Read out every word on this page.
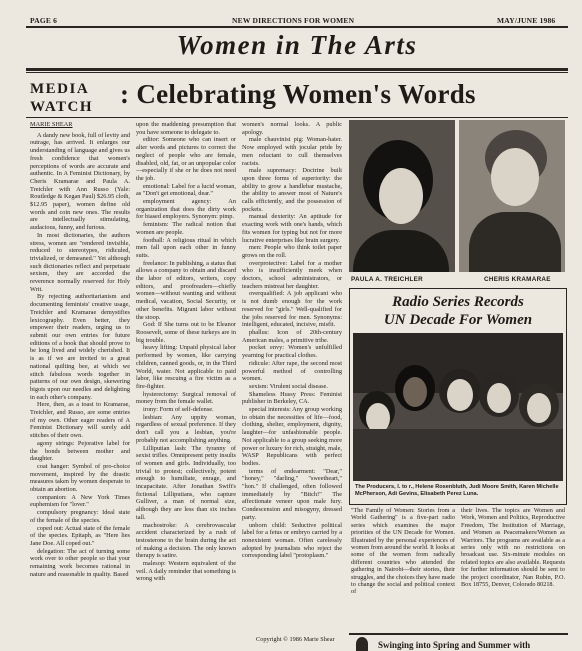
PAGE 6	NEW DIRECTIONS FOR WOMEN	MAY/JUNE 1986
Women in The Arts
MEDIA
WATCH : Celebrating Women's Words

MARIE SHEAR

A dandy new book, full of levity and outrage, has arrived. It enlarges our understanding of language and gives us fresh confidence that women's perceptions of words are accurate and authentic. In A Feminist Dictionary, by Cheris Kramarae and Paula A. Treichler with Ann Russo (Yale: Routledge & Kegan Paul) $26.95 cloth, $12.95 paper), women define old words and coin new ones. The results are intellectually stimulating, audacious, funny, and furious.

In most dictionaries, the authors stress, women are "rendered invisible, reduced to stereotypes, ridiculed, trivialized, or demeaned." Yet although such dictionaries reflect and perpetuate sexism, they are accorded the reverence normally reserved for Holy Writ.

By rejecting authoritarianism and documenting feminists' creative usage, Treichler and Kramarae demystifies lexicography. Even better, they empower their readers, urging us to submit our own entries for future editions of a book that should prove to be long lived and widely cherished. It is as if we are invited to a great national quilting bee, at which we stitch fabulous words together in patterns of our own design, skewering bigots upon our needles and delighting in each other's company.

Here, then, as a toast to Kramarae, Treichler, and Russo, are some entries of my own. Other eager readers of A Feminist Dictionary will surely add stitches of their own.

agony strings: Pejorative label for the bonds between mother and daughter.

coat hanger: Symbol of pro-choice movement, inspired by the drastic measures taken by women desperate to obtain an abortion.

companion: A New York Times euphemism for "lover."

compulsory pregnancy: Ideal state of the female of the species.

coped out: Actual state of the female of the species. Epitaph, as "Here lies Jane Doe. All coped out."

delegation: The act of turning some work over to other people so that your remaining work becomes rational in nature and reasonable in quality. Based

upon the maddening presumption that you have someone to delegate to.

editor: Someone who can insert or alter words and pictures to correct the neglect of people who are female, disabled, old, fat, or an unpopular color—especially if she or he does not need the job.

emotional: Label for a lucid woman, as "Don't get emotional, dear."

employment agency: An organization that does the dirty work for biased employers. Synonym: pimp.

feminism: The radical notion that women are people.

football: A religious ritual in which men fall upon each other in funny suits.

freelance: In publishing, a status that allows a company to obtain and discard the labor of editors, writers, copy editors, and proofreaders—chiefly women—without wanting and without medical, vacation, Social Security, or other benefits. Migrant labor without the stoop.

God: If She turns out to be Eleanor Roosevelt, some of these turkeys are in big trouble.

heavy lifting: Unpaid physical labor performed by women, like carrying children, canned goods, or, in the Third World, water. Not applicable to paid labor, like rescuing a fire victim as a fire-fighter.

hysterectomy: Surgical removal of money from the female wallet.

irony: Form of self-defense.

lesbian: Any uppity woman, regardless of sexual preference. If they don't call you a lesbian, you're probably not accomplishing anything.

Lilliputian lash: The tyranny of sexist trifles. Omnipresent petty insults of women and girls. Individually, too trivial to protest; collectively, potent enough to humiliate, enrage, and incapacitate. After Jonathan Swift's fictional Lilliputians, who capture Gulliver, a man of normal size, although they are less than six inches tall.

machostroke: A cerebrovascular accident characterized by a rush of testosterone to the brain during the act of making a decision. The only known therapy is satire.

malesop: Western equivalent of the veil. A daily reminder that something is wrong with

women's normal looks. A public apology.

male chauvinist pig: Woman-hater. Now employed with jocular pride by men reluctant to cull themselves racists.

male supremacy: Doctrine built upon three forms of superiority: the ability to grow a handlebar mustache, the ability to answer most of Nature's calls efficiently, and the possession of pockets.

manual dexterity: An aptitude for exacting work with one's hands, which fits women for typing but not for more lucrative enterprises like brain surgery.

men: People who think toilet paper grows on the roll.

overprotective: Label for a mother who is insufficiently meek when doctors, school administrators, or teachers mistreat her daughter.

overqualified: A job applicant who is not dumb enough for the work reserved for "girls." Well-qualified for the jobs reserved for men. Synonyms: intelligent, educated, incisive, misfit.

phallus: Icon of 20th-century American males, a primitive tribe.

pocket envy: Women's unfulfilled yearning for practical clothes.

ridicule: After rape, the second most powerful method of controlling women.

sexism: Virulent social disease.

Shameless Hussy Press: Feminist publisher in Berkeley, CA.

special interests: Any group working to obtain the necessities of life—food, clothing, shelter, employment, dignity, laughter—for unfashionable people. Not applicable to a group seeking more power or luxury for rich, straight, male, WASP Republicans with perfect bodies.

terms of endearment: "Dear," "honey," "darling," "sweetheart," "hon." If challenged, often followed immediately by "Bitch!" The affectionate veneer upon male fury. Condescension and misogyny, dressed party.

unborn child: Seductive political label for a fetus or embryo carried by a nonexistent woman. Often carelessly adopted by journalists who reject the corresponding label "protoplasm."

Copyright © 1986 Marie Shear
PAULA A. TREICHLER	CHERIS KRAMARAE
Radio Series Records
UN Decade For Women
The Producers, l. to r., Helene Rosenbluth, Judi Moore Smith, Karen Michelle McPherson, Adi Gevins, Elisabeth Perez Luna.
"The Family of Women: Stories from a World Gathering" is a five-part radio series which examines the major priorities of the UN Decade for Women. Illustrated by the personal experiences of women from around the world. It looks at some of the women from radically different countries who attended the gathering in Nairobi—their stories, their struggles, and the choices they have made to change the social and political context of
their lives. The topics are Women and Work, Women and Politics, Reproductive Freedom, The Institution of Marriage, and Women as Peacemakers/Women as Warriors. The programs are available as a series only with no restrictions on broadcast use. Six-minute modules on related topics are also available. Requests for further information should be sent to the project coordinator, Nan Rubin, P.O. Box 18755, Denver, Colorado 80218.
Swinging into Spring and Summer with
